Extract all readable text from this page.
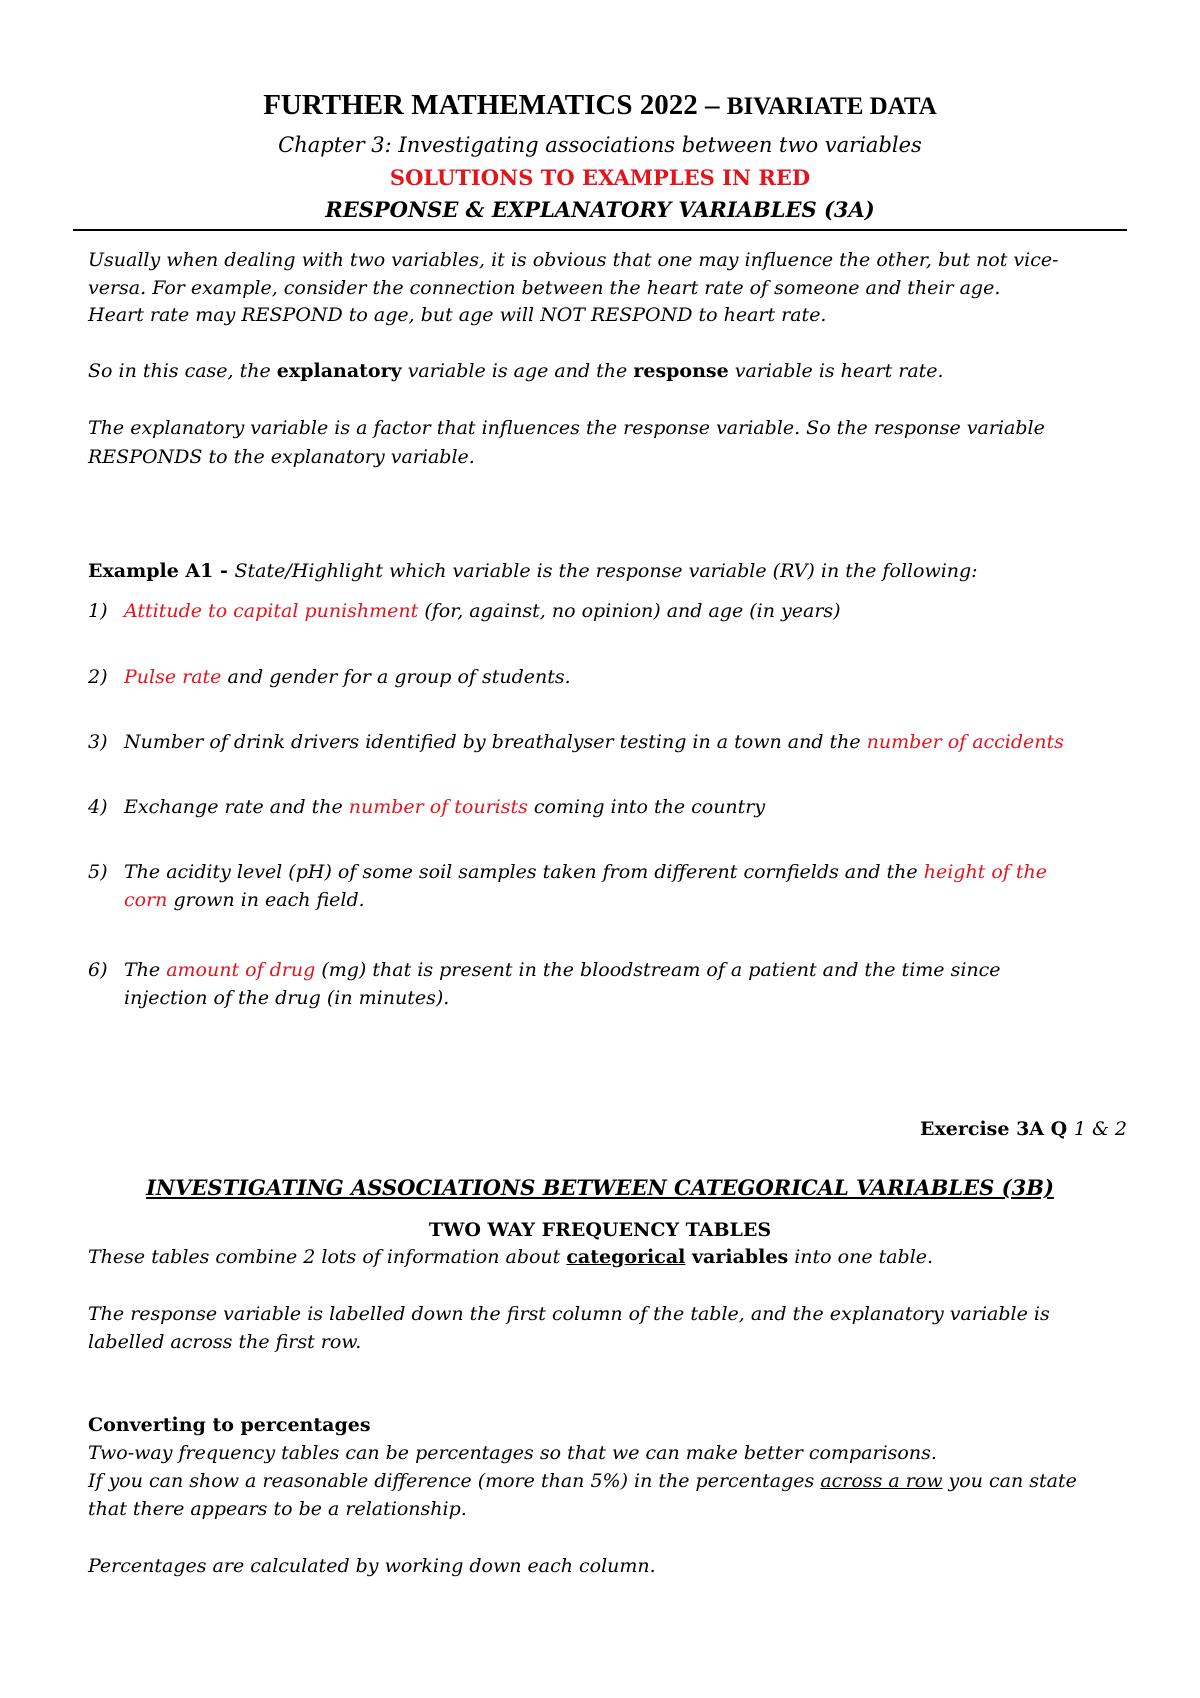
FURTHER MATHEMATICS 2022 – BIVARIATE DATA
Chapter 3: Investigating associations between two variables
SOLUTIONS TO EXAMPLES IN RED
RESPONSE & EXPLANATORY VARIABLES (3A)
Usually when dealing with two variables, it is obvious that one may influence the other, but not vice-
versa. For example, consider the connection between the heart rate of someone and their age.
Heart rate may RESPOND to age, but age will NOT RESPOND to heart rate.
So in this case, the explanatory variable is age and the response variable is heart rate.
The explanatory variable is a factor that influences the response variable. So the response variable
RESPONDS to the explanatory variable.
Example A1 - State/Highlight which variable is the response variable (RV) in the following:
1) Attitude to capital punishment (for, against, no opinion) and age (in years)
2) Pulse rate and gender for a group of students.
3) Number of drink drivers identified by breathalyser testing in a town and the number of accidents
4) Exchange rate and the number of tourists coming into the country
5) The acidity level (pH) of some soil samples taken from different cornfields and the height of the
corn grown in each field.
6) The amount of drug (mg) that is present in the bloodstream of a patient and the time since
injection of the drug (in minutes).
Exercise 3A Q 1 & 2
INVESTIGATING ASSOCIATIONS BETWEEN CATEGORICAL VARIABLES (3B)
TWO WAY FREQUENCY TABLES
These tables combine 2 lots of information about categorical variables into one table.
The response variable is labelled down the first column of the table, and the explanatory variable is
labelled across the first row.
Converting to percentages
Two-way frequency tables can be percentages so that we can make better comparisons.
If you can show a reasonable difference (more than 5%) in the percentages across a row you can state
that there appears to be a relationship.
Percentages are calculated by working down each column.
